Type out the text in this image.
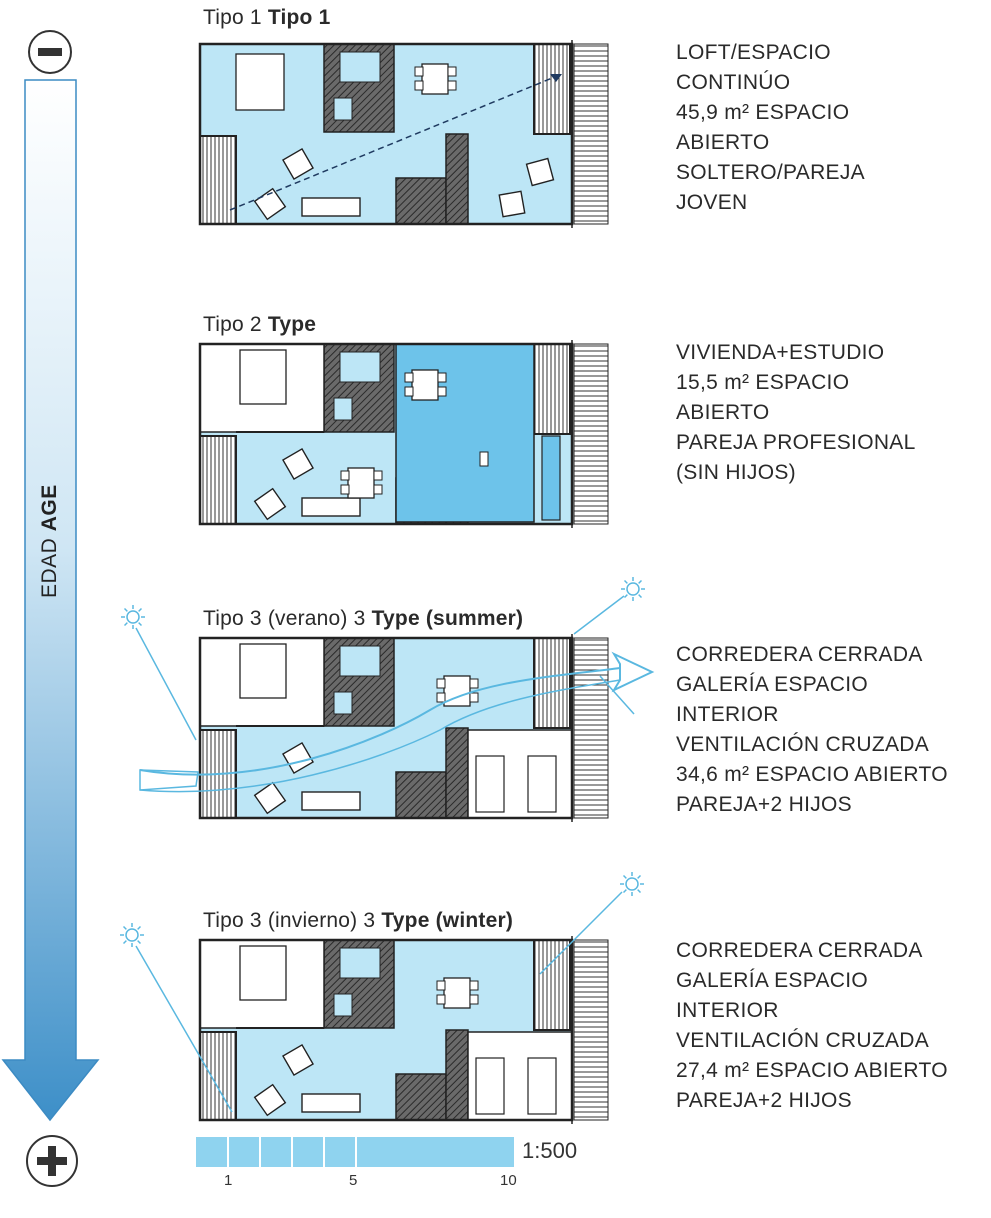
EDAD AGE
Tipo 1 Tipo 1
Tipo 2 Type
Tipo 3 (verano) 3 Type (summer)
Tipo 3 (invierno) 3 Type (winter)
LOFT/ESPACIO
CONTINÚO
45,9 m² ESPACIO
ABIERTO
SOLTERO/PAREJA
JOVEN
VIVIENDA+ESTUDIO
15,5 m² ESPACIO
ABIERTO
PAREJA PROFESIONAL
(SIN HIJOS)
CORREDERA CERRADA
GALERÍA ESPACIO
INTERIOR
VENTILACIÓN CRUZADA
34,6 m² ESPACIO ABIERTO
PAREJA+2 HIJOS
CORREDERA CERRADA
GALERÍA ESPACIO
INTERIOR
VENTILACIÓN CRUZADA
27,4 m² ESPACIO ABIERTO
PAREJA+2 HIJOS
1:500
1	5	10
